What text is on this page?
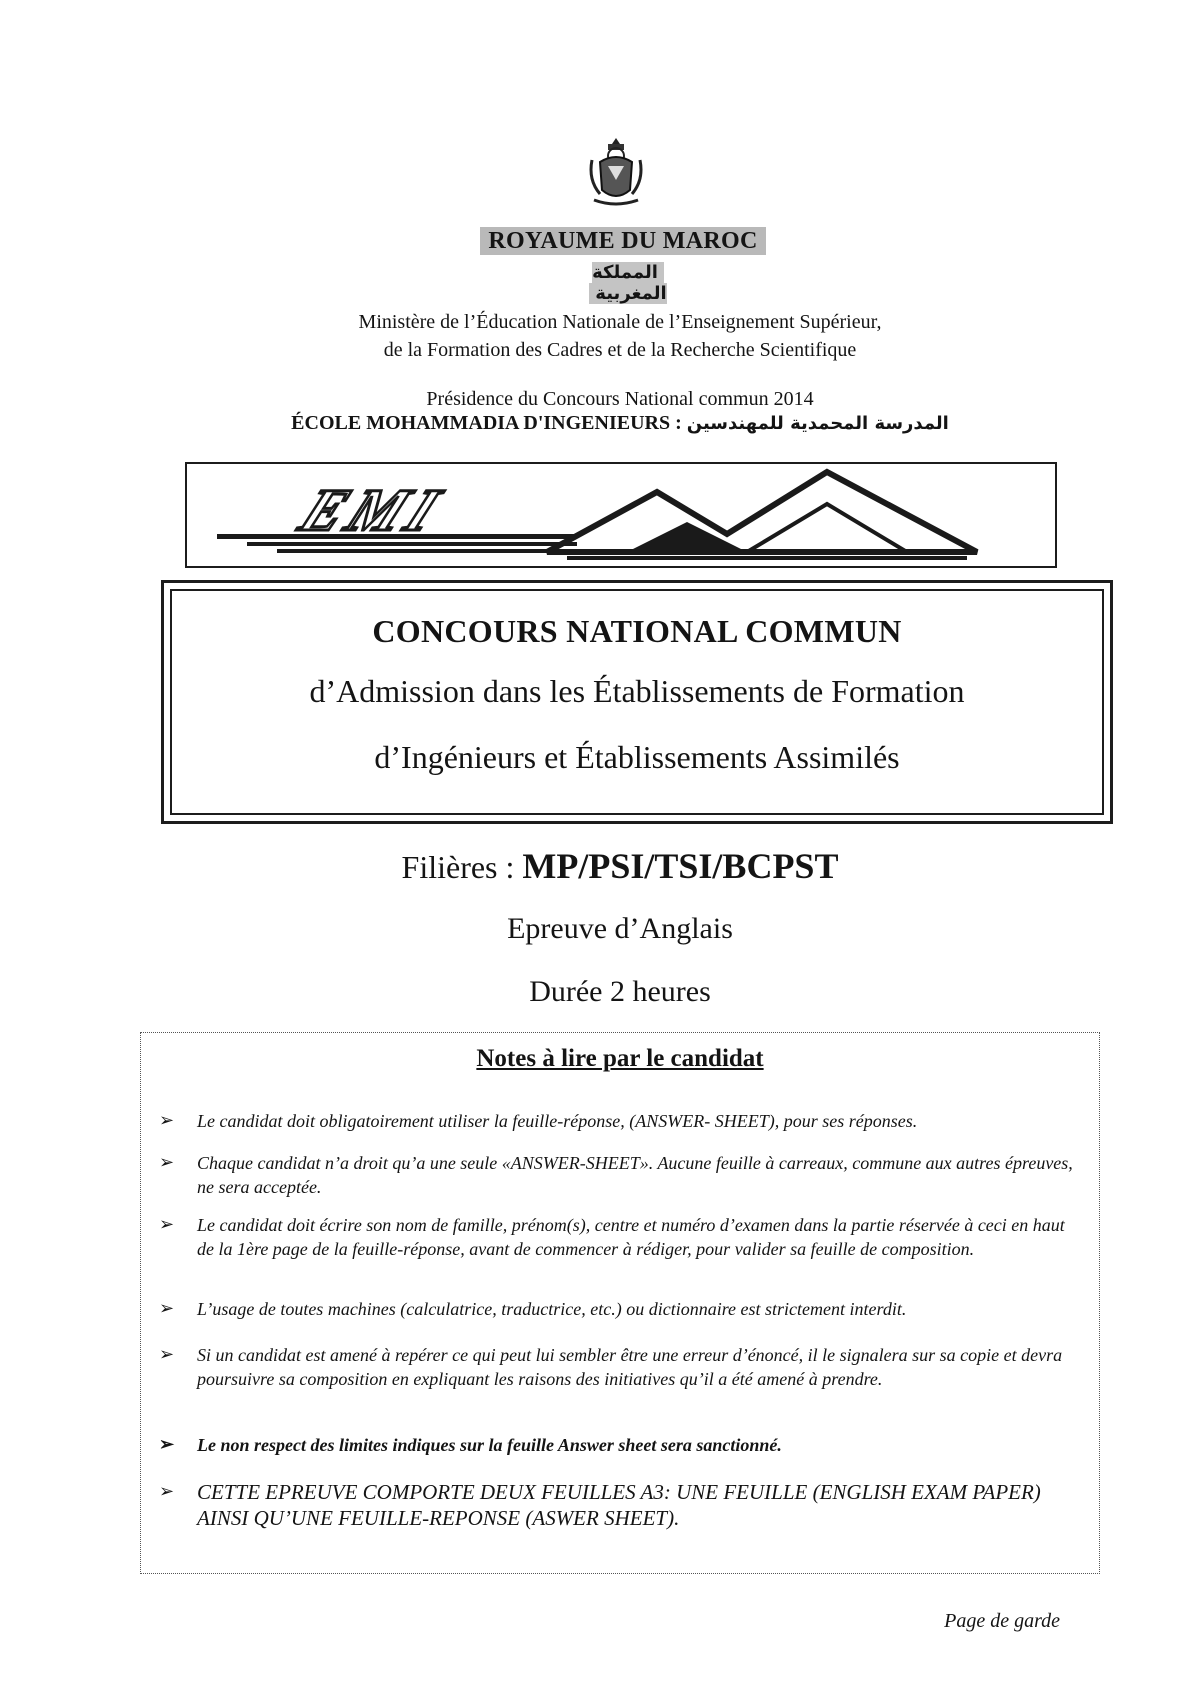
ROYAUME DU MAROC
المملكة المغربية
Ministère de l’Éducation Nationale de l’Enseignement Supérieur,
de la Formation des Cadres et de la Recherche Scientifique
Présidence du Concours National commun 2014
ÉCOLE MOHAMMADIA D'INGENIEURS : المدرسة المحمدية للمهندسين
EMI
CONCOURS NATIONAL COMMUN
d’Admission dans les Établissements de Formation
d’Ingénieurs et Établissements Assimilés
Filières : MP/PSI/TSI/BCPST
Epreuve d’Anglais
Durée 2 heures
Notes à lire par le candidat
➢ Le candidat doit obligatoirement utiliser la feuille-réponse, (ANSWER- SHEET), pour ses réponses.
➢ Chaque candidat n’a droit qu’a une seule «ANSWER-SHEET». Aucune feuille à carreaux, commune aux autres épreuves, ne sera acceptée.
➢ Le candidat doit écrire son nom de famille, prénom(s), centre et numéro d’examen dans la partie réservée à ceci en haut de la 1ère page de la feuille-réponse, avant de commencer à rédiger, pour valider sa feuille de composition.
➢ L’usage de toutes machines (calculatrice, traductrice, etc.) ou dictionnaire est strictement interdit.
➢ Si un candidat est amené à repérer ce qui peut lui sembler être une erreur d’énoncé, il le signalera sur sa copie et devra poursuivre sa composition en expliquant les raisons des initiatives qu’il a été amené à prendre.
➢ Le non respect des limites indiques sur la feuille Answer sheet sera sanctionné.
➢ CETTE EPREUVE COMPORTE DEUX FEUILLES A3: UNE FEUILLE (ENGLISH EXAM PAPER) AINSI QU’UNE FEUILLE-REPONSE (ASWER SHEET).
Page de garde
